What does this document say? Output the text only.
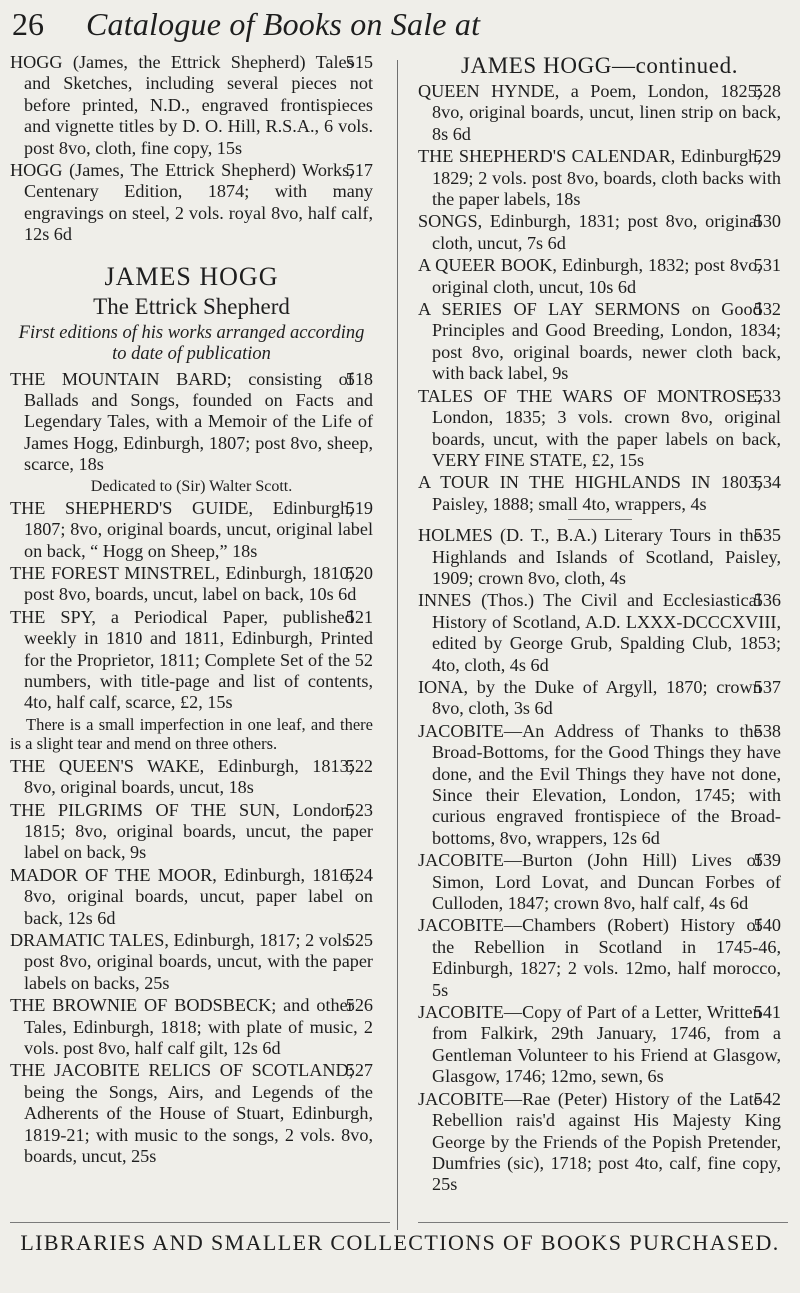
26 Catalogue of Books on Sale at

515
HOGG (James, the Ettrick Shepherd) Tales and Sketches, including several pieces not before printed, N.D., engraved frontispieces and vignette titles by D. O. Hill, R.S.A., 6 vols. post 8vo, cloth, fine copy, 15s

517
HOGG (James, The Ettrick Shepherd) Works, Centenary Edition, 1874; with many engravings on steel, 2 vols. royal 8vo, half calf, 12s 6d

JAMES HOGG
The Ettrick Shepherd
First editions of his works arranged according to date of publication

518
THE MOUNTAIN BARD; consisting of Ballads and Songs, founded on Facts and Legendary Tales, with a Memoir of the Life of James Hogg, Edinburgh, 1807; post 8vo, sheep, scarce, 18s

Dedicated to (Sir) Walter Scott.

519
THE SHEPHERD'S GUIDE, Edinburgh, 1807; 8vo, original boards, uncut, original label on back, “ Hogg on Sheep,” 18s

520
THE FOREST MINSTREL, Edinburgh, 1810; post 8vo, boards, uncut, label on back, 10s 6d

521
THE SPY, a Periodical Paper, published weekly in 1810 and 1811, Edinburgh, Printed for the Proprietor, 1811; Complete Set of the 52 numbers, with title-page and list of contents, 4to, half calf, scarce, £2, 15s

There is a small imperfection in one leaf, and there is a slight tear and mend on three others.

522
THE QUEEN'S WAKE, Edinburgh, 1813; 8vo, original boards, uncut, 18s

523
THE PILGRIMS OF THE SUN, London, 1815; 8vo, original boards, uncut, the paper label on back, 9s

524
MADOR OF THE MOOR, Edinburgh, 1816; 8vo, original boards, uncut, paper label on back, 12s 6d

525
DRAMATIC TALES, Edinburgh, 1817; 2 vols. post 8vo, original boards, uncut, with the paper labels on backs, 25s

526
THE BROWNIE OF BODSBECK; and other Tales, Edinburgh, 1818; with plate of music, 2 vols. post 8vo, half calf gilt, 12s 6d

527
THE JACOBITE RELICS OF SCOTLAND; being the Songs, Airs, and Legends of the Adherents of the House of Stuart, Edinburgh, 1819-21; with music to the songs, 2 vols. 8vo, boards, uncut, 25s

JAMES HOGG—continued.

528
QUEEN HYNDE, a Poem, London, 1825; 8vo, original boards, uncut, linen strip on back, 8s 6d

529
THE SHEPHERD'S CALENDAR, Edinburgh, 1829; 2 vols. post 8vo, boards, cloth backs with the paper labels, 18s

530
SONGS, Edinburgh, 1831; post 8vo, original cloth, uncut, 7s 6d

531
A QUEER BOOK, Edinburgh, 1832; post 8vo, original cloth, uncut, 10s 6d

532
A SERIES OF LAY SERMONS on Good Principles and Good Breeding, London, 1834; post 8vo, original boards, newer cloth back, with back label, 9s

533
TALES OF THE WARS OF MONTROSE, London, 1835; 3 vols. crown 8vo, original boards, uncut, with the paper labels on back, VERY FINE STATE, £2, 15s

534
A TOUR IN THE HIGHLANDS IN 1803, Paisley, 1888; small 4to, wrappers, 4s

535
HOLMES (D. T., B.A.) Literary Tours in the Highlands and Islands of Scotland, Paisley, 1909; crown 8vo, cloth, 4s

536
INNES (Thos.) The Civil and Ecclesiastical History of Scotland, A.D. LXXX-DCCCXVIII, edited by George Grub, Spalding Club, 1853; 4to, cloth, 4s 6d

537
IONA, by the Duke of Argyll, 1870; crown 8vo, cloth, 3s 6d

538
JACOBITE—An Address of Thanks to the Broad-Bottoms, for the Good Things they have done, and the Evil Things they have not done, Since their Elevation, London, 1745; with curious engraved frontispiece of the Broad-bottoms, 8vo, wrappers, 12s 6d

539
JACOBITE—Burton (John Hill) Lives of Simon, Lord Lovat, and Duncan Forbes of Culloden, 1847; crown 8vo, half calf, 4s 6d

540
JACOBITE—Chambers (Robert) History of the Rebellion in Scotland in 1745-46, Edinburgh, 1827; 2 vols. 12mo, half morocco, 5s

541
JACOBITE—Copy of Part of a Letter, Written from Falkirk, 29th January, 1746, from a Gentleman Volunteer to his Friend at Glasgow, Glasgow, 1746; 12mo, sewn, 6s

542
JACOBITE—Rae (Peter) History of the Late Rebellion rais'd against His Majesty King George by the Friends of the Popish Pretender, Dumfries (sic), 1718; post 4to, calf, fine copy, 25s

LIBRARIES AND SMALLER COLLECTIONS OF BOOKS PURCHASED.
